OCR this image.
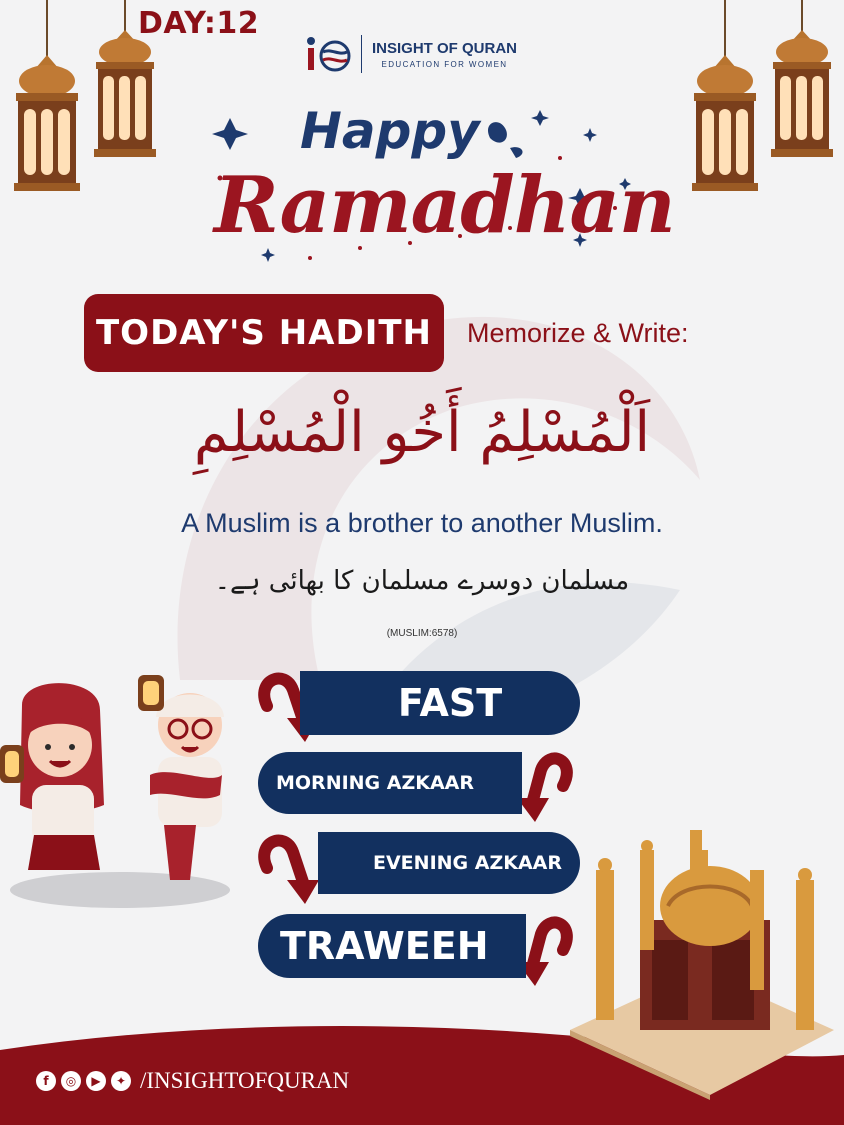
DAY:12
INSIGHT OF QURAN
EDUCATION FOR WOMEN
Happy
Ramadhan
TODAY'S HADITH	Memorize & Write:
اَلْمُسْلِمُ أَخُو الْمُسْلِمِ
A Muslim is a brother to another Muslim.
مسلمان دوسرے مسلمان کا بھائی ہے۔
(MUSLIM:6578)
FAST
MORNING AZKAAR
EVENING AZKAAR
TRAWEEH
f	◎	▶	✦ /INSIGHTOFQURAN
